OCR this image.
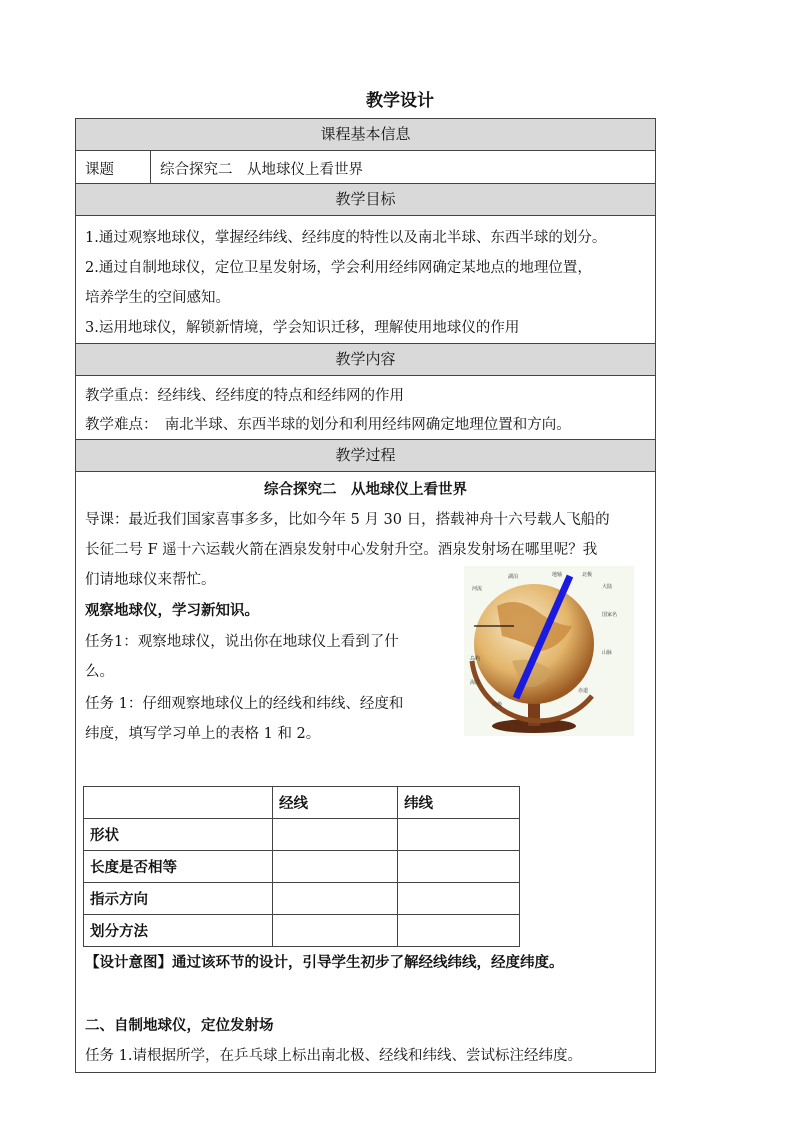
教学设计
课程基本信息
课题	综合探究二　从地球仪上看世界
教学目标
1.通过观察地球仪，掌握经纬线、经纬度的特性以及南北半球、东西半球的划分。
2.通过自制地球仪，定位卫星发射场，学会利用经纬网确定某地点的地理位置，
培养学生的空间感知。
3.运用地球仪，解锁新情境，学会知识迁移，理解使用地球仪的作用
教学内容
教学重点：经纬线、经纬度的特点和经纬网的作用
教学难点：　南北半球、东西半球的划分和利用经纬网确定地理位置和方向。
教学过程
综合探究二　从地球仪上看世界
导课：最近我们国家喜事多多，比如今年 5 月 30 日，搭载神舟十六号载人飞船的
长征二号 F 遥十六运载火箭在酒泉发射中心发射升空。酒泉发射场在哪里呢？我
们请地球仪来帮忙。
观察地球仪，学习新知识。
任务1：观察地球仪，说出你在地球仪上看到了什
么。
任务 1：仔细观察地球仪上的经线和纬线、经度和
纬度，填写学习单上的表格 1 和 2。
【设计意图】通过该环节的设计，引导学生初步了解经线纬线，经度纬度。
二、自制地球仪，定位发射场
任务 1.请根据所学，在乒乓球上标出南北极、经线和纬线、尝试标注经纬度。
湖泊	地轴	北极
河流	大陆
国家名
山脉
岛屿
海洋
南极
赤道
	经线	纬线
形状		
长度是否相等		
指示方向		
划分方法		
